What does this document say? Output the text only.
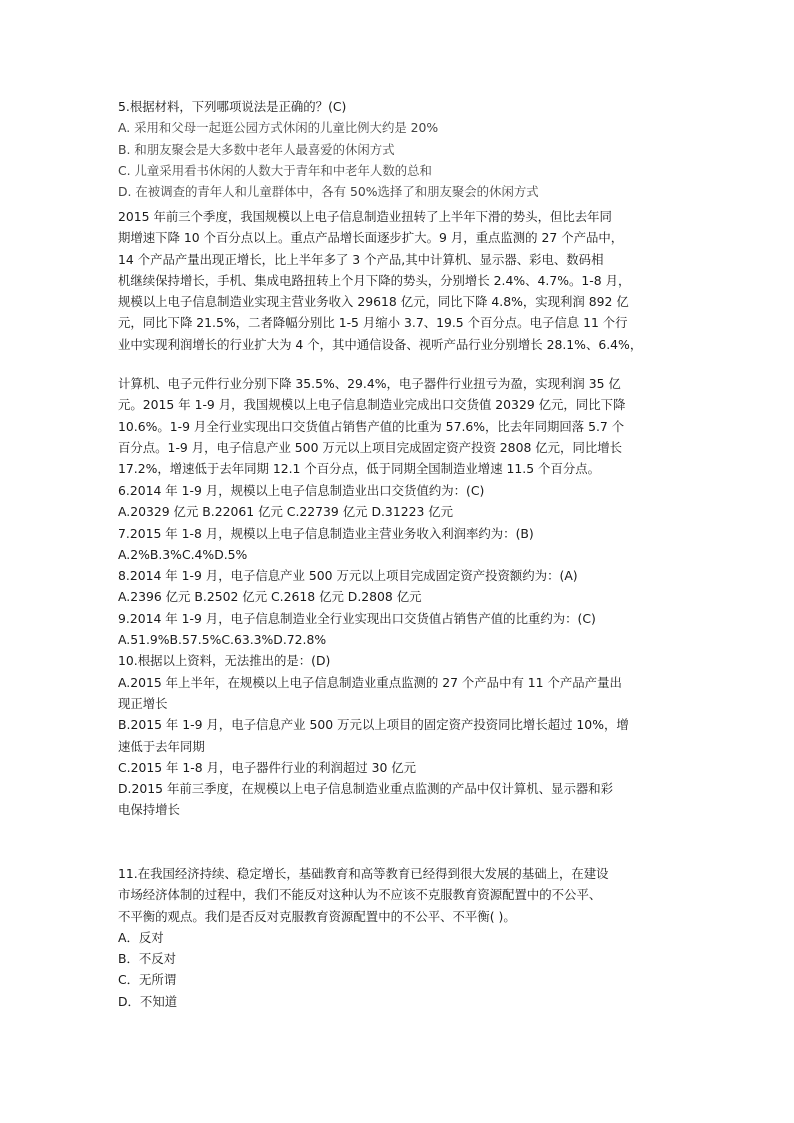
5.根据材料，下列哪项说法是正确的？(C)
A. 采用和父母一起逛公园方式休闲的儿童比例大约是 20%
B. 和朋友聚会是大多数中老年人最喜爱的休闲方式
C. 儿童采用看书休闲的人数大于青年和中老年人数的总和
D. 在被调查的青年人和儿童群体中，各有 50%选择了和朋友聚会的休闲方式
2015 年前三个季度，我国规模以上电子信息制造业扭转了上半年下滑的势头，但比去年同
期增速下降 10 个百分点以上。重点产品增长面逐步扩大。9 月，重点监测的 27 个产品中，
14 个产品产量出现正增长，比上半年多了 3 个产品,其中计算机、显示器、彩电、数码相
机继续保持增长，手机、集成电路扭转上个月下降的势头，分别增长 2.4%、4.7%。1-8 月，
规模以上电子信息制造业实现主营业务收入 29618 亿元，同比下降 4.8%，实现利润 892 亿
元，同比下降 21.5%，二者降幅分别比 1-5 月缩小 3.7、19.5 个百分点。电子信息 11 个行
业中实现利润增长的行业扩大为 4 个，其中通信设备、视听产品行业分别增长 28.1%、6.4%，
计算机、电子元件行业分别下降 35.5%、29.4%，电子器件行业扭亏为盈，实现利润 35 亿
元。2015 年 1-9 月，我国规模以上电子信息制造业完成出口交货值 20329 亿元，同比下降
10.6%。1-9 月全行业实现出口交货值占销售产值的比重为 57.6%，比去年同期回落 5.7 个
百分点。1-9 月，电子信息产业 500 万元以上项目完成固定资产投资 2808 亿元，同比增长
17.2%，增速低于去年同期 12.1 个百分点，低于同期全国制造业增速 11.5 个百分点。
6.2014 年 1-9 月，规模以上电子信息制造业出口交货值约为：(C)
A.20329 亿元 B.22061 亿元 C.22739 亿元 D.31223 亿元
7.2015 年 1-8 月，规模以上电子信息制造业主营业务收入利润率约为：(B)
A.2%B.3%C.4%D.5%
8.2014 年 1-9 月，电子信息产业 500 万元以上项目完成固定资产投资额约为：(A)
A.2396 亿元 B.2502 亿元 C.2618 亿元 D.2808 亿元
9.2014 年 1-9 月，电子信息制造业全行业实现出口交货值占销售产值的比重约为：(C)
A.51.9%B.57.5%C.63.3%D.72.8%
10.根据以上资料，无法推出的是：(D)
A.2015 年上半年，在规模以上电子信息制造业重点监测的 27 个产品中有 11 个产品产量出
现正增长
B.2015 年 1-9 月，电子信息产业 500 万元以上项目的固定资产投资同比增长超过 10%，增
速低于去年同期
C.2015 年 1-8 月，电子器件行业的利润超过 30 亿元
D.2015 年前三季度，在规模以上电子信息制造业重点监测的产品中仅计算机、显示器和彩
电保持增长
11.在我国经济持续、稳定增长，基础教育和高等教育已经得到很大发展的基础上，在建设
市场经济体制的过程中，我们不能反对这种认为不应该不克服教育资源配置中的不公平、
不平衡的观点。我们是否反对克服教育资源配置中的不公平、不平衡( )。
A．反对
B．不反对
C．无所谓
D．不知道
